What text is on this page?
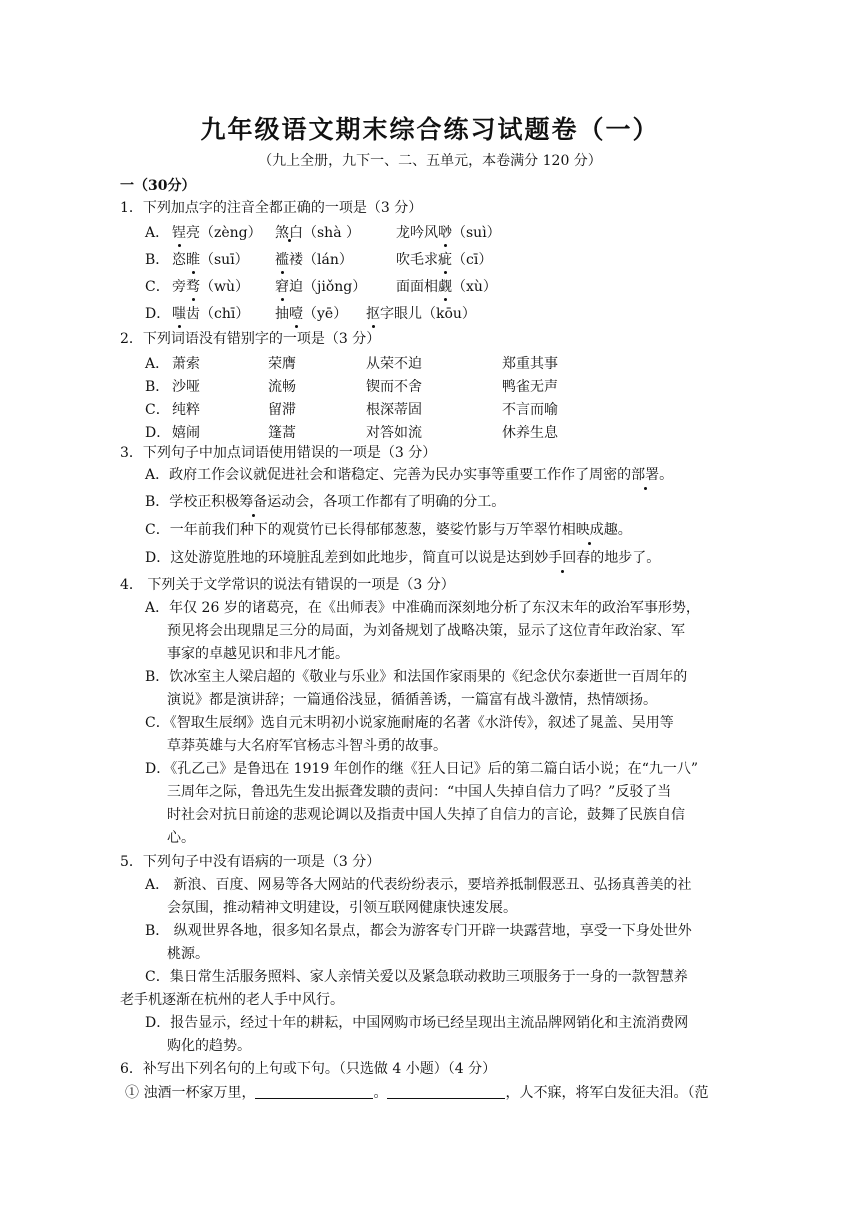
九年级语文期末综合练习试题卷（一）
（九上全册，九下一、二、五单元，本卷满分 120 分）
一（30分）
1．下列加点字的注音全都正确的一项是（3 分）
A． 锃亮（zèng） 煞白（shà ）	龙吟风唦（suì）
B． 恣睢（suī） 褴褛（lán）	吹毛求疵（cī）
C． 旁骛（wù） 窘迫（jiǒng） 面面相觑（xù）
D． 嗤齿（chī） 抽噎（yē） 抠字眼儿（kōu）
2．下列词语没有错别字的一项是（3 分）
A． 萧索	荣膺	从荣不迫	郑重其事
B． 沙哑	流畅	锲而不舍	鸭雀无声
C． 纯粹	留滞	根深蒂固	不言而喻
D． 嬉闹	篷蒿	对答如流	休养生息
3．下列句子中加点词语使用错误的一项是（3 分）
A．政府工作会议就促进社会和谐稳定、完善为民办实事等重要工作作了周密的部署。
B．学校正积极筹备运动会，各项工作都有了明确的分工。
C．一年前我们种下的观赏竹已长得郁郁葱葱，婆娑竹影与万竿翠竹相映成趣。
D．这处游览胜地的环境脏乱差到如此地步，简直可以说是达到妙手回春的地步了。
4． 下列关于文学常识的说法有错误的一项是（3 分）
A．年仅 26 岁的诸葛亮，在《出师表》中准确而深刻地分析了东汉末年的政治军事形势，
预见将会出现鼎足三分的局面，为刘备规划了战略决策，显示了这位青年政治家、军
事家的卓越见识和非凡才能。
B．饮冰室主人梁启超的《敬业与乐业》和法国作家雨果的《纪念伏尔泰逝世一百周年的
演说》都是演讲辞；一篇通俗浅显，循循善诱，一篇富有战斗激情，热情颂扬。
C．《智取生辰纲》选自元末明初小说家施耐庵的名著《水浒传》，叙述了晁盖、吴用等
草莽英雄与大名府军官杨志斗智斗勇的故事。
D．《孔乙己》是鲁迅在 1919 年创作的继《狂人日记》后的第二篇白话小说；在“九一八”
三周年之际，鲁迅先生发出振聋发聩的责问：“中国人失掉自信力了吗？”反驳了当
时社会对抗日前途的悲观论调以及指责中国人失掉了自信力的言论，鼓舞了民族自信
心。
5．下列句子中没有语病的一项是（3 分）
A． 新浪、百度、网易等各大网站的代表纷纷表示，要培养抵制假恶丑、弘扬真善美的社
会氛围，推动精神文明建设，引领互联网健康快速发展。
B． 纵观世界各地，很多知名景点，都会为游客专门开辟一块露营地，享受一下身处世外
桃源。
C．集日常生活服务照料、家人亲情关爱以及紧急联动救助三项服务于一身的一款智慧养
老手机逐渐在杭州的老人手中风行。
D．报告显示，经过十年的耕耘，中国网购市场已经呈现出主流品牌网销化和主流消费网
购化的趋势。
6．补写出下列名句的上句或下句。（只选做 4 小题）（4 分）
① 浊酒一杯家万里，	。	，人不寐，将军白发征夫泪。（范
